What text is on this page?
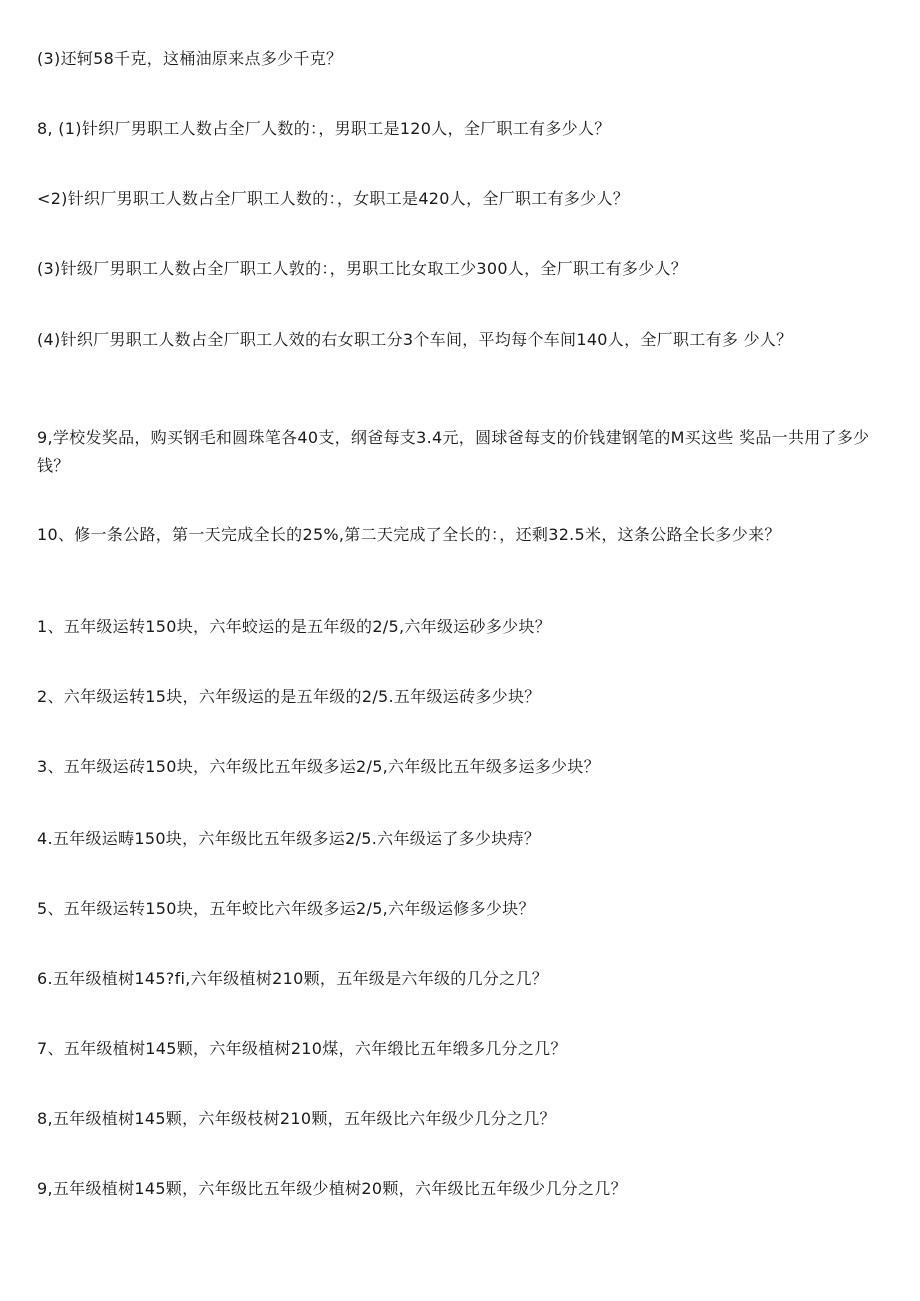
(3)还轲58千克，这桶油原来点多少千克？
8, (1)针织厂男职工人数占全厂人数的：，男职工是120人，全厂职工有多少人？
<2)针织厂男职工人数占全厂职工人数的：，女职工是420人，全厂职工有多少人？
(3)针级厂男职工人数占全厂职工人敦的：，男职工比女取工少300人，全厂职工有多少人？
(4)针织厂男职工人数占全厂职工人效的右女职工分3个车间，平均每个车间140人，全厂职工有多 少人？
9,学校发奖品，购买钢毛和圆珠笔各40支，纲爸每支3.4元，圆球爸每支的价钱建钢笔的M买这些 奖品一共用了多少钱？
10、修一条公路，第一天完成全长的25%,第二天完成了全长的：，还剩32.5米，这条公路全长多少来？
1、五年级运转150块，六年蛟运的是五年级的2/5,六年级运砂多少块？
2、六年级运转15块，六年级运的是五年级的2/5.五年级运砖多少块？
3、五年级运砖150块，六年级比五年级多运2/5,六年级比五年级多运多少块？
4.五年级运畴150块，六年级比五年级多运2/5.六年级运了多少块痔？
5、五年级运转150块，五年蛟比六年级多运2/5,六年级运修多少块？
6.五年级植树145?fi,六年级植树210颗，五年级是六年级的几分之几？
7、五年级植树145颗，六年级植树210煤，六年缎比五年缎多几分之几？
8,五年级植树145颗，六年级枝树210颗，五年级比六年级少几分之几？
9,五年级植树145颗，六年级比五年级少植树20颗，六年级比五年级少几分之几？
